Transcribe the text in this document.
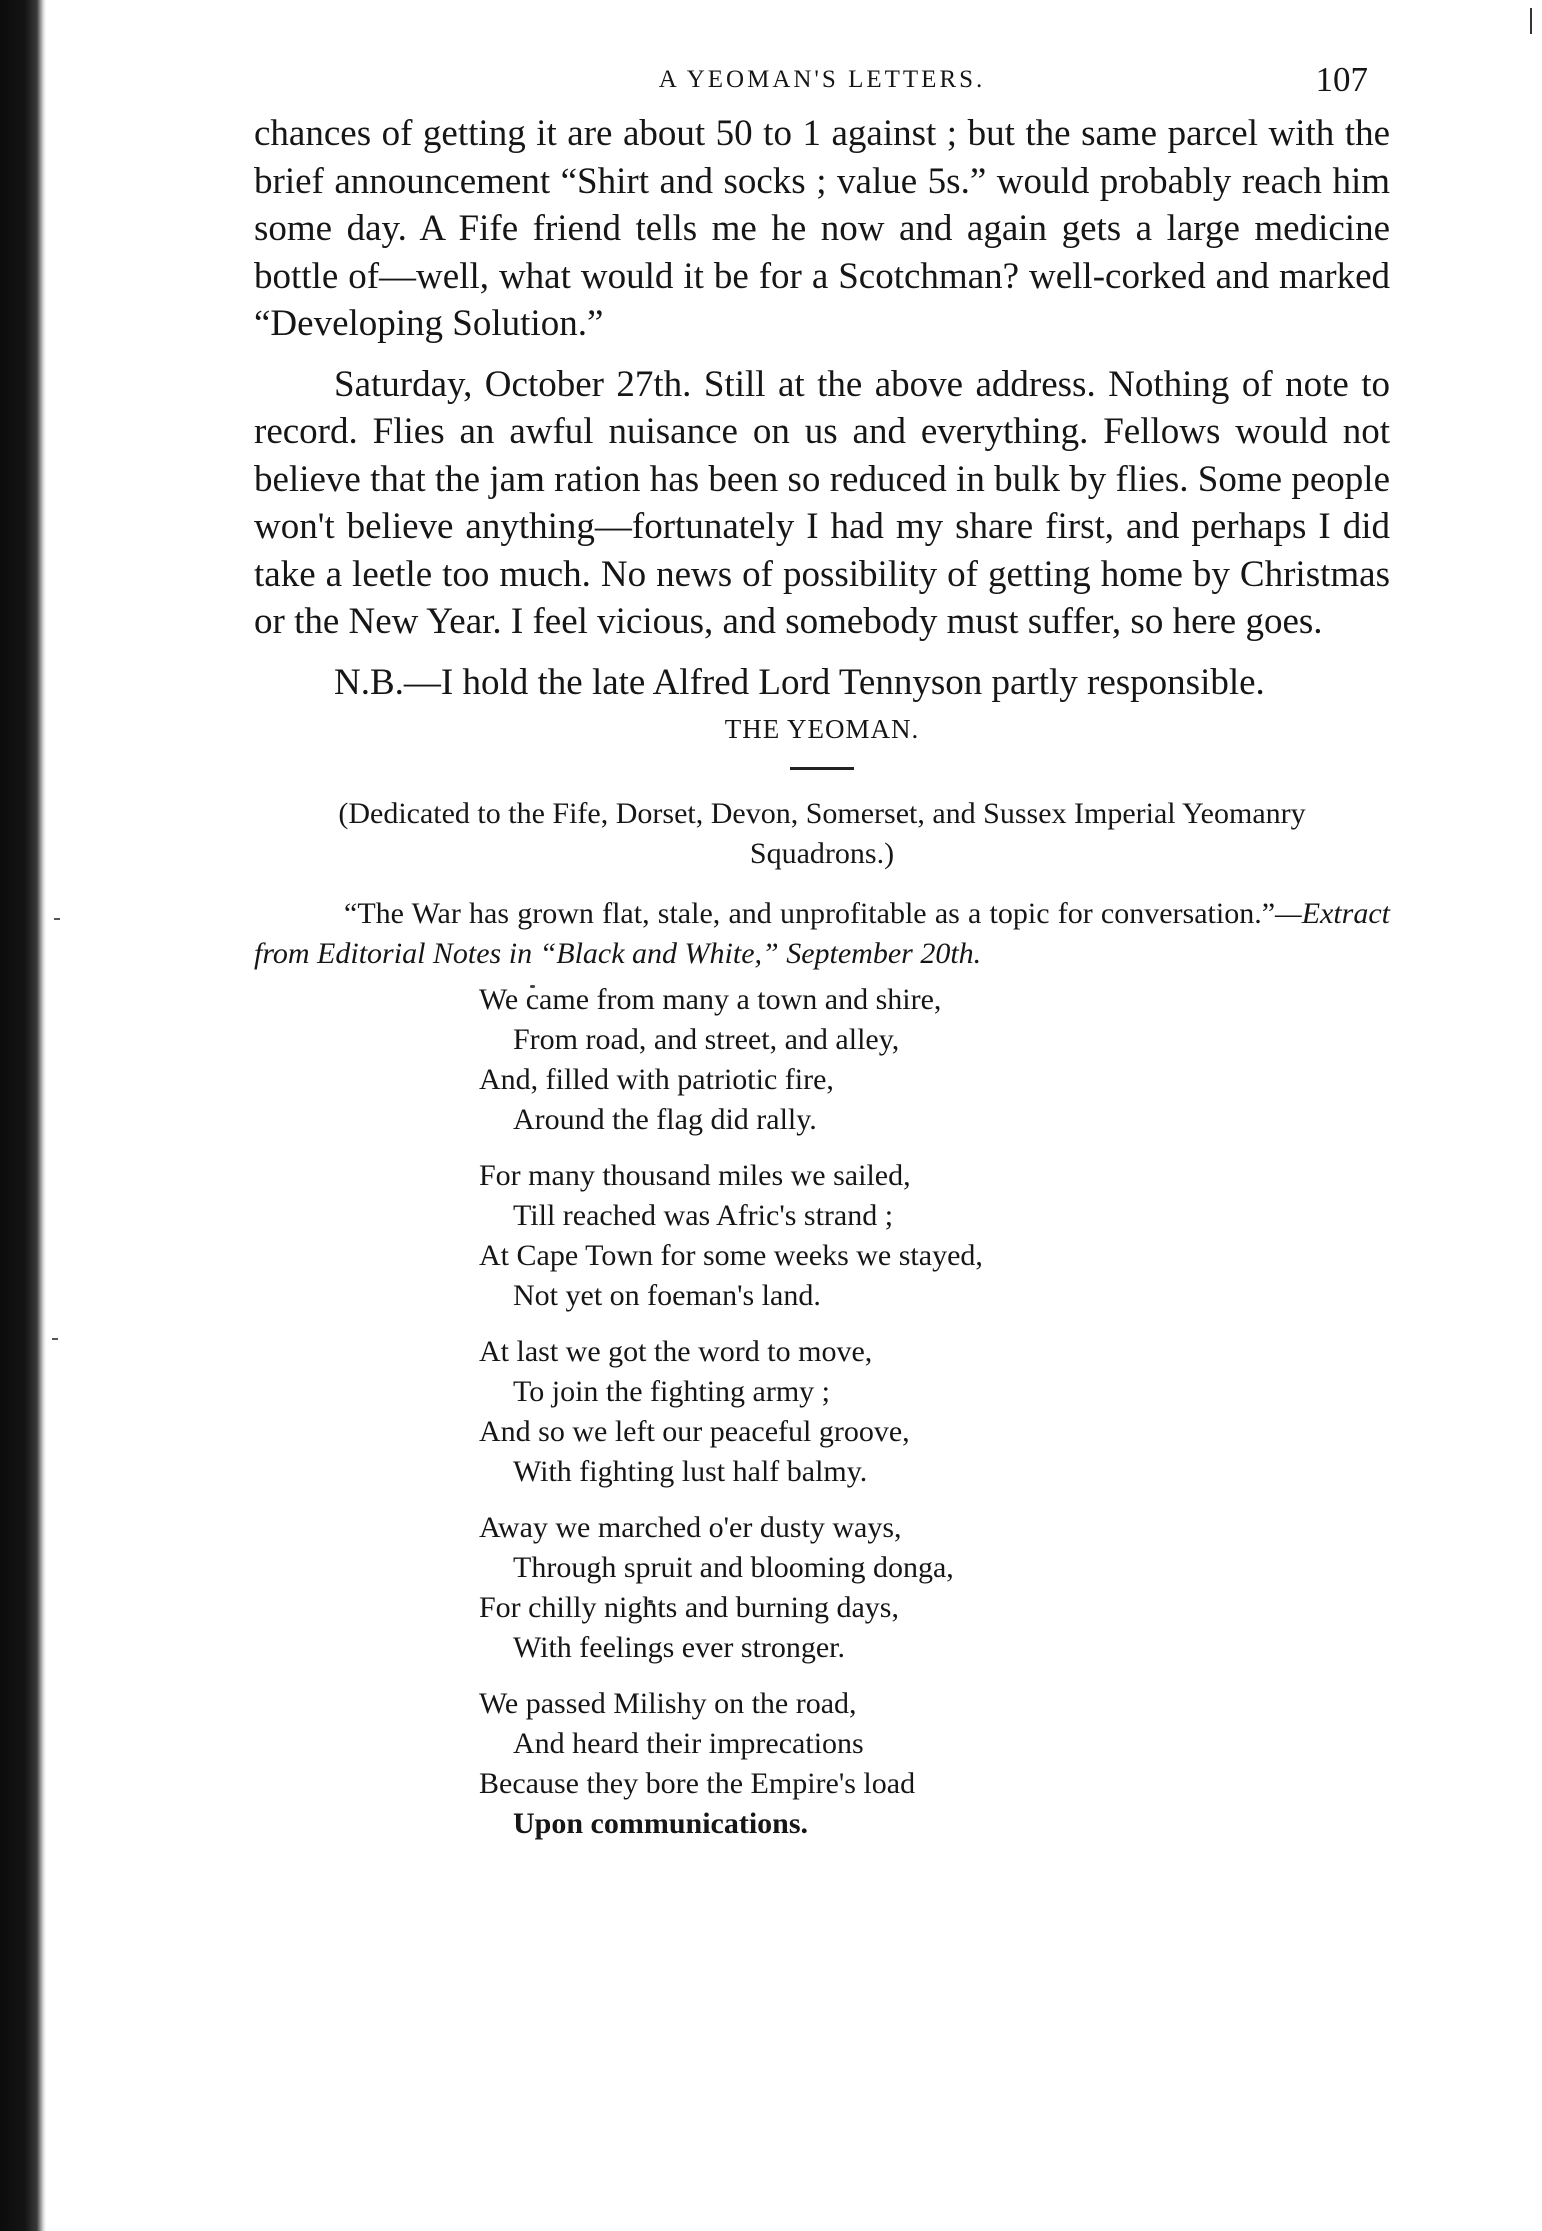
A YEOMAN'S LETTERS.	107

chances of getting it are about 50 to 1 against ; but the same parcel with the brief announcement “Shirt and socks ; value 5s.” would probably reach him some day. A Fife friend tells me he now and again gets a large medicine bottle of—well, what would it be for a Scotchman? well-corked and marked “Developing Solution.”

Saturday, October 27th. Still at the above address. Nothing of note to record. Flies an awful nuisance on us and everything. Fellows would not believe that the jam ration has been so reduced in bulk by flies. Some people won't believe anything—fortunately I had my share first, and perhaps I did take a leetle too much. No news of possibility of getting home by Christmas or the New Year. I feel vicious, and somebody must suffer, so here goes.

N.B.—I hold the late Alfred Lord Tennyson partly responsible.

THE YEOMAN.
(Dedicated to the Fife, Dorset, Devon, Somerset, and Sussex Imperial Yeomanry Squadrons.)
“The War has grown flat, stale, and unprofitable as a topic for conversation.”—Extract from Editorial Notes in “Black and White,” September 20th.
We came from many a town and shire,
From road, and street, and alley,
And, filled with patriotic fire,
Around the flag did rally.
For many thousand miles we sailed,
Till reached was Afric's strand ;
At Cape Town for some weeks we stayed,
Not yet on foeman's land.
At last we got the word to move,
To join the fighting army ;
And so we left our peaceful groove,
With fighting lust half balmy.
Away we marched o'er dusty ways,
Through spruit and blooming donga,
For chilly nights and burning days,
With feelings ever stronger.
We passed Milishy on the road,
And heard their imprecations
Because they bore the Empire's load
Upon communications.
